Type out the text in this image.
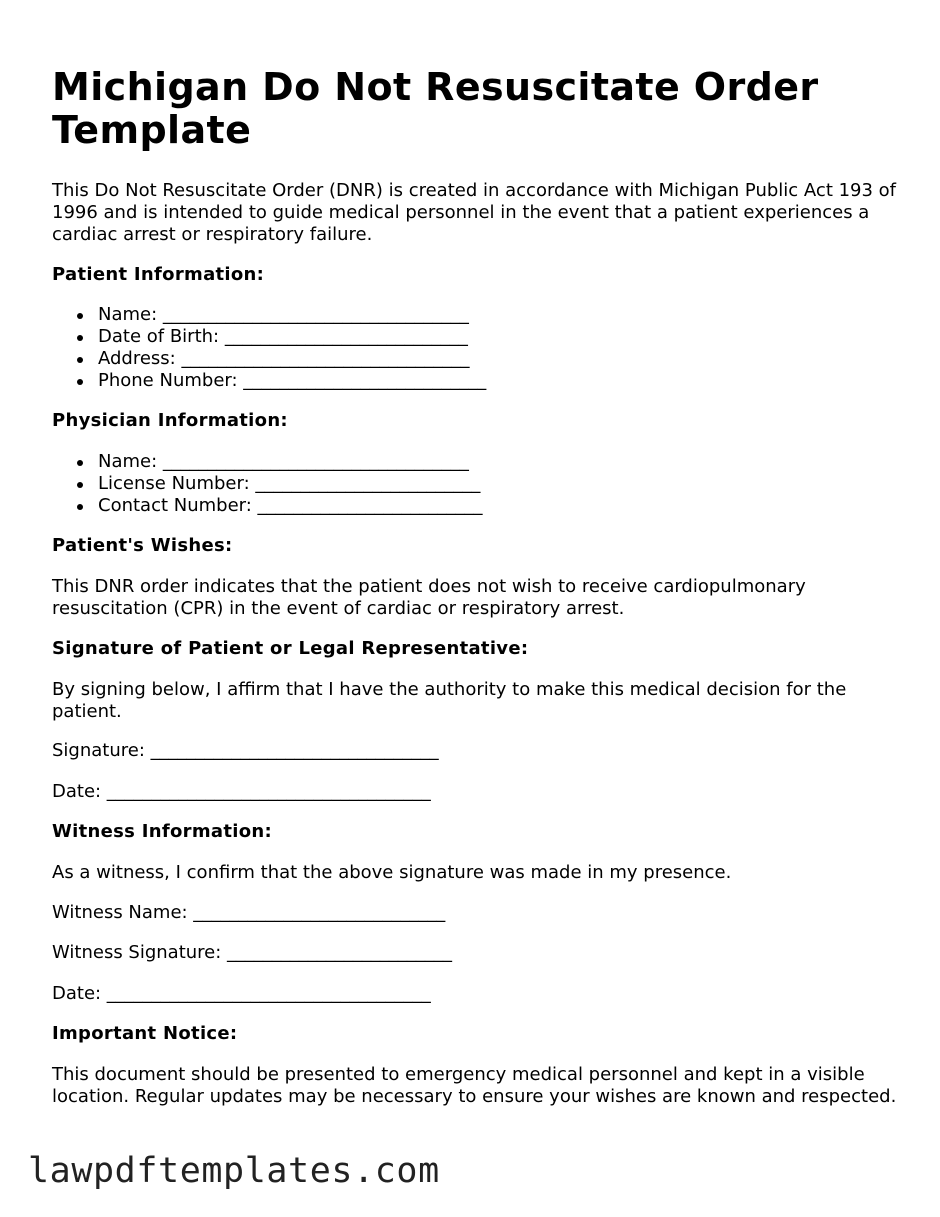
Michigan Do Not Resuscitate Order Template

This Do Not Resuscitate Order (DNR) is created in accordance with Michigan Public Act 193 of 1996 and is intended to guide medical personnel in the event that a patient experiences a cardiac arrest or respiratory failure.

Patient Information:

Name: __________________________________
Date of Birth: ___________________________
Address: ________________________________
Phone Number: ___________________________

Physician Information:

Name: __________________________________
License Number: _________________________
Contact Number: _________________________

Patient's Wishes:

This DNR order indicates that the patient does not wish to receive cardiopulmonary resuscitation (CPR) in the event of cardiac or respiratory arrest.

Signature of Patient or Legal Representative:

By signing below, I affirm that I have the authority to make this medical decision for the patient.

Signature: ________________________________

Date: ____________________________________

Witness Information:

As a witness, I confirm that the above signature was made in my presence.

Witness Name: ____________________________

Witness Signature: _________________________

Date: ____________________________________

Important Notice:

This document should be presented to emergency medical personnel and kept in a visible location. Regular updates may be necessary to ensure your wishes are known and respected.

lawpdftemplates.com
